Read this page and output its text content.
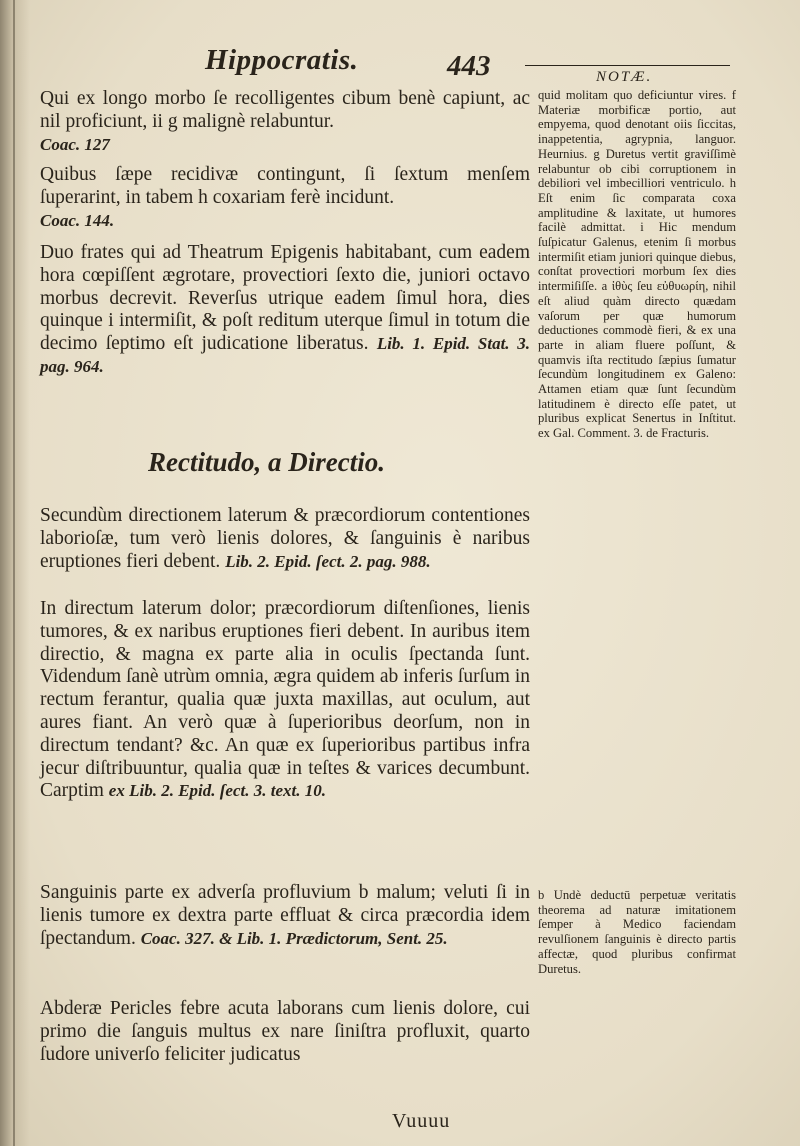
Hippocratis.	443	NOTÆ.

Qui ex longo morbo ſe recolligentes cibum benè capiunt, ac nil proficiunt, ii g malignè relabuntur.

Coac. 127

Quibus ſæpe recidivæ contingunt, ſi ſextum menſem ſuperarint, in tabem h coxariam ferè incidunt.

Coac. 144.

Duo frates qui ad Theatrum Epigenis habitabant, cum eadem hora cœpiſſent ægrotare, provectiori ſexto die, juniori octavo morbus decrevit. Reverſus utrique eadem ſimul hora, dies quinque i intermiſit, & poſt reditum uterque ſimul in totum die decimo ſeptimo eſt judicatione liberatus. Lib. 1. Epid. Stat. 3. pag. 964.

Rectitudo, a Directio.

Secundùm directionem laterum & præcordiorum contentiones laborioſæ, tum verò lienis dolores, & ſanguinis è naribus eruptiones fieri debent. Lib. 2. Epid. ſect. 2. pag. 988.

In directum laterum dolor; præcordiorum diſtenſiones, lienis tumores, & ex naribus eruptiones fieri debent. In auribus item directio, & magna ex parte alia in oculis ſpectanda ſunt. Videndum ſanè utrùm omnia, ægra quidem ab inferis ſurſum in rectum ferantur, qualia quæ juxta maxillas, aut oculum, aut aures fiant. An verò quæ à ſuperioribus deorſum, non in directum tendant? &c. An quæ ex ſuperioribus partibus infra jecur diſtribuuntur, qualia quæ in teſtes & varices decumbunt. Carptim ex Lib. 2. Epid. ſect. 3. text. 10.

Sanguinis parte ex adverſa profluvium b malum; veluti ſi in lienis tumore ex dextra parte effluat & circa præcordia idem ſpectandum. Coac. 327. & Lib. 1. Prædictorum, Sent. 25.

Abderæ Pericles febre acuta laborans cum lienis dolore, cui primo die ſanguis multus ex nare ſiniſtra profluxit, quarto ſudore univerſo feliciter judicatus

quid molitam quo deficiuntur vires. f Materiæ morbificæ portio, aut empyema, quod denotant oiis ſiccitas, inappetentia, agrypnia, languor. Heurnius. g Duretus vertit graviſſimè relabuntur ob cibi corruptionem in debiliori vel imbecilliori ventriculo. h Eſt enim ſic comparata coxa amplitudine & laxitate, ut humores facilè admittat. i Hic mendum ſuſpicatur Galenus, etenim ſi morbus intermiſit etiam juniori quinque diebus, conſtat provectiori morbum ſex dies intermiſiſſe. a ἰθὺς ſeu εὐθυωρίη, nihil eſt aliud quàm directo quædam vaſorum per quæ humorum deductiones commodè fieri, & ex una parte in aliam fluere poſſunt, & quamvis iſta rectitudo ſæpius ſumatur ſecundùm longitudinem ex Galeno: Attamen etiam quæ ſunt ſecundùm latitudinem è directo eſſe patet, ut pluribus explicat Senertus in Inſtitut. ex Gal. Comment. 3. de Fracturis.
b Undè deductū perpetuæ veritatis theorema ad naturæ imitationem ſemper à Medico faciendam revulſionem ſanguinis è directo partis affectæ, quod pluribus confirmat Duretus.
Vuuuu
